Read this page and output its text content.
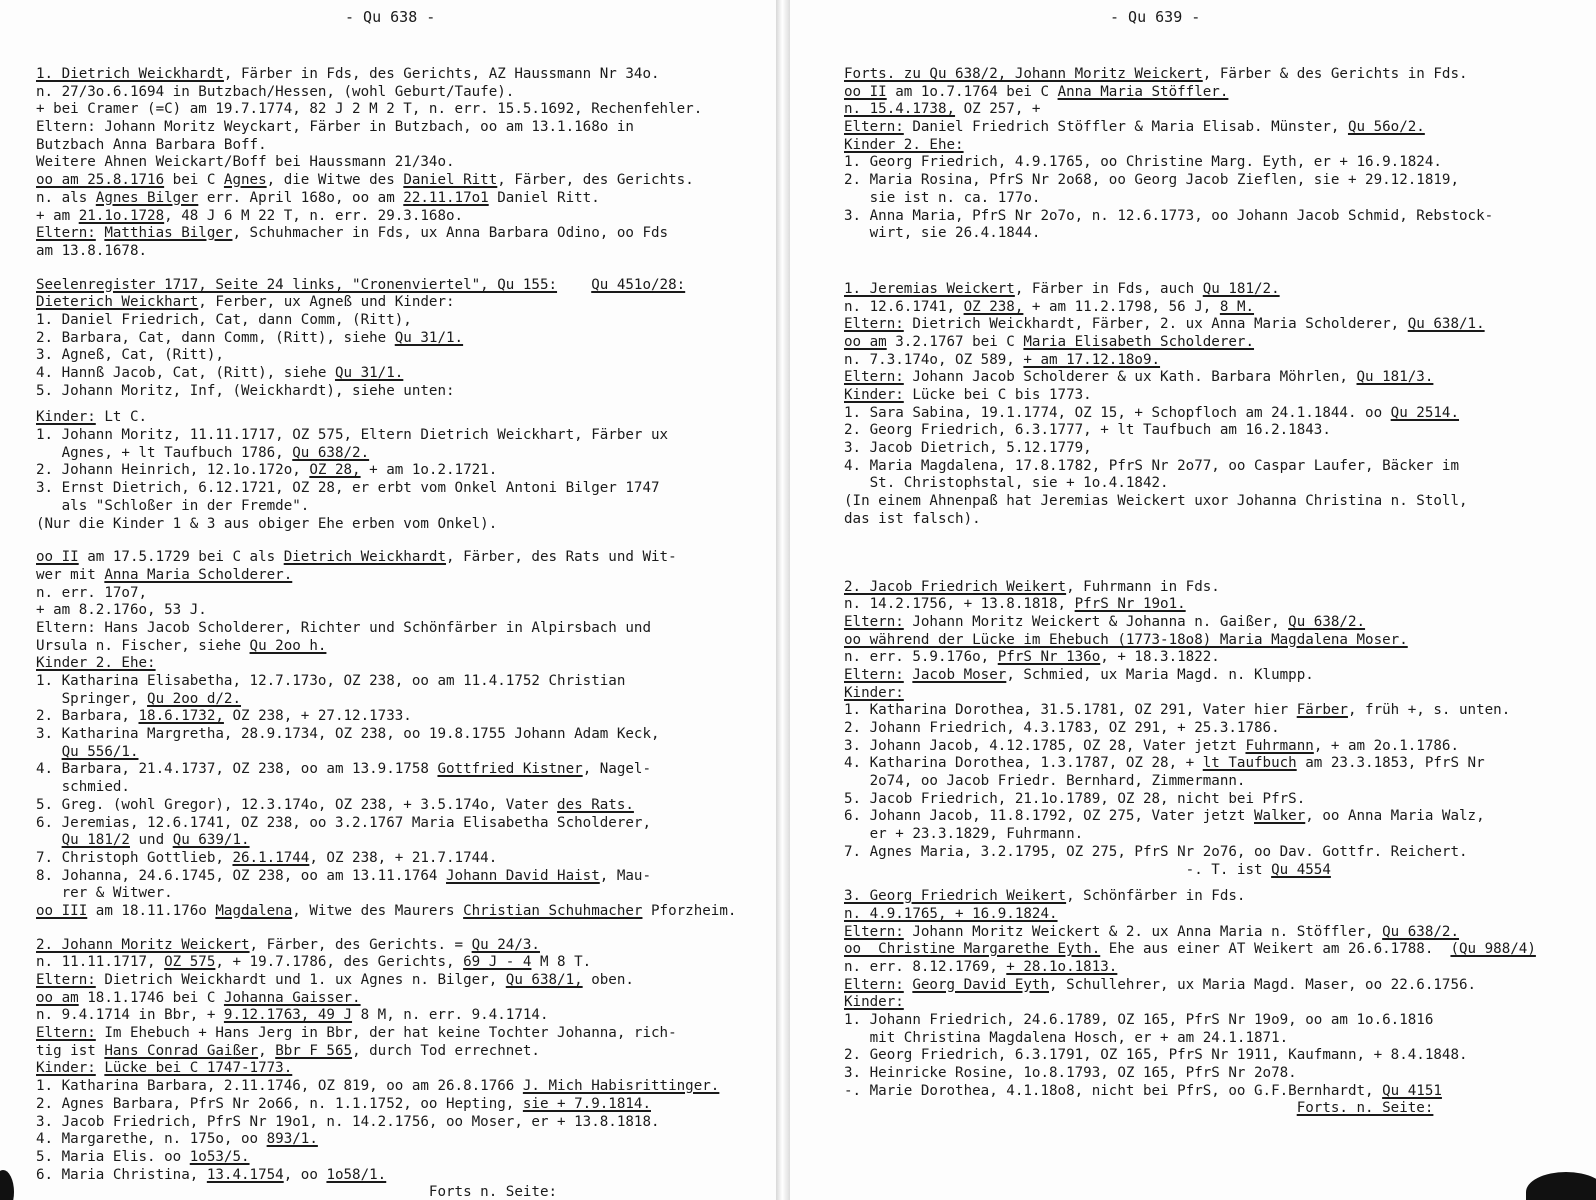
- Qu 638 -
1. Dietrich Weickhardt, Färber in Fds, des Gerichts, AZ Haussmann Nr 34o.
n. 27/3o.6.1694 in Butzbach/Hessen, (wohl Geburt/Taufe).
+ bei Cramer (=C) am 19.7.1774, 82 J 2 M 2 T, n. err. 15.5.1692, Rechenfehler.
Eltern: Johann Moritz Weyckart, Färber in Butzbach, oo am 13.1.168o in
Butzbach Anna Barbara Boff.
Weitere Ahnen Weickart/Boff bei Haussmann 21/34o.
oo am 25.8.1716 bei C Agnes, die Witwe des Daniel Ritt, Färber, des Gerichts.
n. als Agnes Bilger err. April 168o, oo am 22.11.17o1 Daniel Ritt.
+ am 21.1o.1728, 48 J 6 M 22 T, n. err. 29.3.168o.
Eltern: Matthias Bilger, Schuhmacher in Fds, ux Anna Barbara Odino, oo Fds
am 13.8.1678.
Seelenregister 1717, Seite 24 links, "Cronenviertel", Qu 155: Qu 451o/28:
Dieterich Weickhart, Ferber, ux Agneß und Kinder:
1. Daniel Friedrich, Cat, dann Comm, (Ritt),
2. Barbara, Cat, dann Comm, (Ritt), siehe Qu 31/1.
3. Agneß, Cat, (Ritt),
4. Hannß Jacob, Cat, (Ritt), siehe Qu 31/1.
5. Johann Moritz, Inf, (Weickhardt), siehe unten:
Kinder: Lt C.
1. Johann Moritz, 11.11.1717, OZ 575, Eltern Dietrich Weickhart, Färber ux
Agnes, + lt Taufbuch 1786, Qu 638/2.
2. Johann Heinrich, 12.1o.172o, OZ 28, + am 1o.2.1721.
3. Ernst Dietrich, 6.12.1721, OZ 28, er erbt vom Onkel Antoni Bilger 1747
als "Schloßer in der Fremde".
(Nur die Kinder 1 & 3 aus obiger Ehe erben vom Onkel).
oo II am 17.5.1729 bei C als Dietrich Weickhardt, Färber, des Rats und Wit-
wer mit Anna Maria Scholderer.
n. err. 17o7,
+ am 8.2.176o, 53 J.
Eltern: Hans Jacob Scholderer, Richter und Schönfärber in Alpirsbach und
Ursula n. Fischer, siehe Qu 2oo h.
Kinder 2. Ehe:
1. Katharina Elisabetha, 12.7.173o, OZ 238, oo am 11.4.1752 Christian
Springer, Qu 2oo d/2.
2. Barbara, 18.6.1732, OZ 238, + 27.12.1733.
3. Katharina Margretha, 28.9.1734, OZ 238, oo 19.8.1755 Johann Adam Keck,
Qu 556/1.
4. Barbara, 21.4.1737, OZ 238, oo am 13.9.1758 Gottfried Kistner, Nagel-
schmied.
5. Greg. (wohl Gregor), 12.3.174o, OZ 238, + 3.5.174o, Vater des Rats.
6. Jeremias, 12.6.1741, OZ 238, oo 3.2.1767 Maria Elisabetha Scholderer,
Qu 181/2 und Qu 639/1.
7. Christoph Gottlieb, 26.1.1744, OZ 238, + 21.7.1744.
8. Johanna, 24.6.1745, OZ 238, oo am 13.11.1764 Johann David Haist, Mau-
rer & Witwer.
oo III am 18.11.176o Magdalena, Witwe des Maurers Christian Schuhmacher Pforzheim.
2. Johann Moritz Weickert, Färber, des Gerichts. = Qu 24/3.
n. 11.11.1717, OZ 575, + 19.7.1786, des Gerichts, 69 J - 4 M 8 T.
Eltern: Dietrich Weickhardt und 1. ux Agnes n. Bilger, Qu 638/1, oben.
oo am 18.1.1746 bei C Johanna Gaisser.
n. 9.4.1714 in Bbr, + 9.12.1763, 49 J 8 M, n. err. 9.4.1714.
Eltern: Im Ehebuch + Hans Jerg in Bbr, der hat keine Tochter Johanna, rich-
tig ist Hans Conrad Gaißer, Bbr F 565, durch Tod errechnet.
Kinder: Lücke bei C 1747-1773.
1. Katharina Barbara, 2.11.1746, OZ 819, oo am 26.8.1766 J. Mich Habisrittinger.
2. Agnes Barbara, PfrS Nr 2o66, n. 1.1.1752, oo Hepting, sie + 7.9.1814.
3. Jacob Friedrich, PfrS Nr 19o1, n. 14.2.1756, oo Moser, er + 13.8.1818.
4. Margarethe, n. 175o, oo 893/1.
5. Maria Elis. oo 1o53/5.
6. Maria Christina, 13.4.1754, oo 1o58/1.
Forts n. Seite:
- Qu 639 -
Forts. zu Qu 638/2, Johann Moritz Weickert, Färber & des Gerichts in Fds.
oo II am 1o.7.1764 bei C Anna Maria Stöffler.
n. 15.4.1738, OZ 257, +
Eltern: Daniel Friedrich Stöffler & Maria Elisab. Münster, Qu 56o/2.
Kinder 2. Ehe:
1. Georg Friedrich, 4.9.1765, oo Christine Marg. Eyth, er + 16.9.1824.
2. Maria Rosina, PfrS Nr 2o68, oo Georg Jacob Zieflen, sie + 29.12.1819,
sie ist n. ca. 177o.
3. Anna Maria, PfrS Nr 2o7o, n. 12.6.1773, oo Johann Jacob Schmid, Rebstock-
wirt, sie 26.4.1844.
1. Jeremias Weickert, Färber in Fds, auch Qu 181/2.
n. 12.6.1741, OZ 238, + am 11.2.1798, 56 J, 8 M.
Eltern: Dietrich Weickhardt, Färber, 2. ux Anna Maria Scholderer, Qu 638/1.
oo am 3.2.1767 bei C Maria Elisabeth Scholderer.
n. 7.3.174o, OZ 589, + am 17.12.18o9.
Eltern: Johann Jacob Scholderer & ux Kath. Barbara Möhrlen, Qu 181/3.
Kinder: Lücke bei C bis 1773.
1. Sara Sabina, 19.1.1774, OZ 15, + Schopfloch am 24.1.1844. oo Qu 2514.
2. Georg Friedrich, 6.3.1777, + lt Taufbuch am 16.2.1843.
3. Jacob Dietrich, 5.12.1779,
4. Maria Magdalena, 17.8.1782, PfrS Nr 2o77, oo Caspar Laufer, Bäcker im
St. Christophstal, sie + 1o.4.1842.
(In einem Ahnenpaß hat Jeremias Weickert uxor Johanna Christina n. Stoll,
das ist falsch).
2. Jacob Friedrich Weikert, Fuhrmann in Fds.
n. 14.2.1756, + 13.8.1818, PfrS Nr 19o1.
Eltern: Johann Moritz Weickert & Johanna n. Gaißer, Qu 638/2.
oo während der Lücke im Ehebuch (1773-18o8) Maria Magdalena Moser.
n. err. 5.9.176o, PfrS Nr 136o, + 18.3.1822.
Eltern: Jacob Moser, Schmied, ux Maria Magd. n. Klumpp.
Kinder:
1. Katharina Dorothea, 31.5.1781, OZ 291, Vater hier Färber, früh +, s. unten.
2. Johann Friedrich, 4.3.1783, OZ 291, + 25.3.1786.
3. Johann Jacob, 4.12.1785, OZ 28, Vater jetzt Fuhrmann, + am 2o.1.1786.
4. Katharina Dorothea, 1.3.1787, OZ 28, + lt Taufbuch am 23.3.1853, PfrS Nr
2o74, oo Jacob Friedr. Bernhard, Zimmermann.
5. Jacob Friedrich, 21.1o.1789, OZ 28, nicht bei PfrS.
6. Johann Jacob, 11.8.1792, OZ 275, Vater jetzt Walker, oo Anna Maria Walz,
er + 23.3.1829, Fuhrmann.
7. Agnes Maria, 3.2.1795, OZ 275, PfrS Nr 2o76, oo Dav. Gottfr. Reichert.
-. T. ist Qu 4554
3. Georg Friedrich Weikert, Schönfärber in Fds.
n. 4.9.1765, + 16.9.1824.
Eltern: Johann Moritz Weickert & 2. ux Anna Maria n. Stöffler, Qu 638/2.
oo  Christine Margarethe Eyth. Ehe aus einer AT Weikert am 26.6.1788.  (Qu 988/4)
n. err. 8.12.1769, + 28.1o.1813.
Eltern: Georg David Eyth, Schullehrer, ux Maria Magd. Maser, oo 22.6.1756.
Kinder:
1. Johann Friedrich, 24.6.1789, OZ 165, PfrS Nr 19o9, oo am 1o.6.1816
mit Christina Magdalena Hosch, er + am 24.1.1871.
2. Georg Friedrich, 6.3.1791, OZ 165, PfrS Nr 1911, Kaufmann, + 8.4.1848.
3. Heinricke Rosine, 1o.8.1793, OZ 165, PfrS Nr 2o78.
-. Marie Dorothea, 4.1.18o8, nicht bei PfrS, oo G.F.Bernhardt, Qu 4151
Forts. n. Seite:
